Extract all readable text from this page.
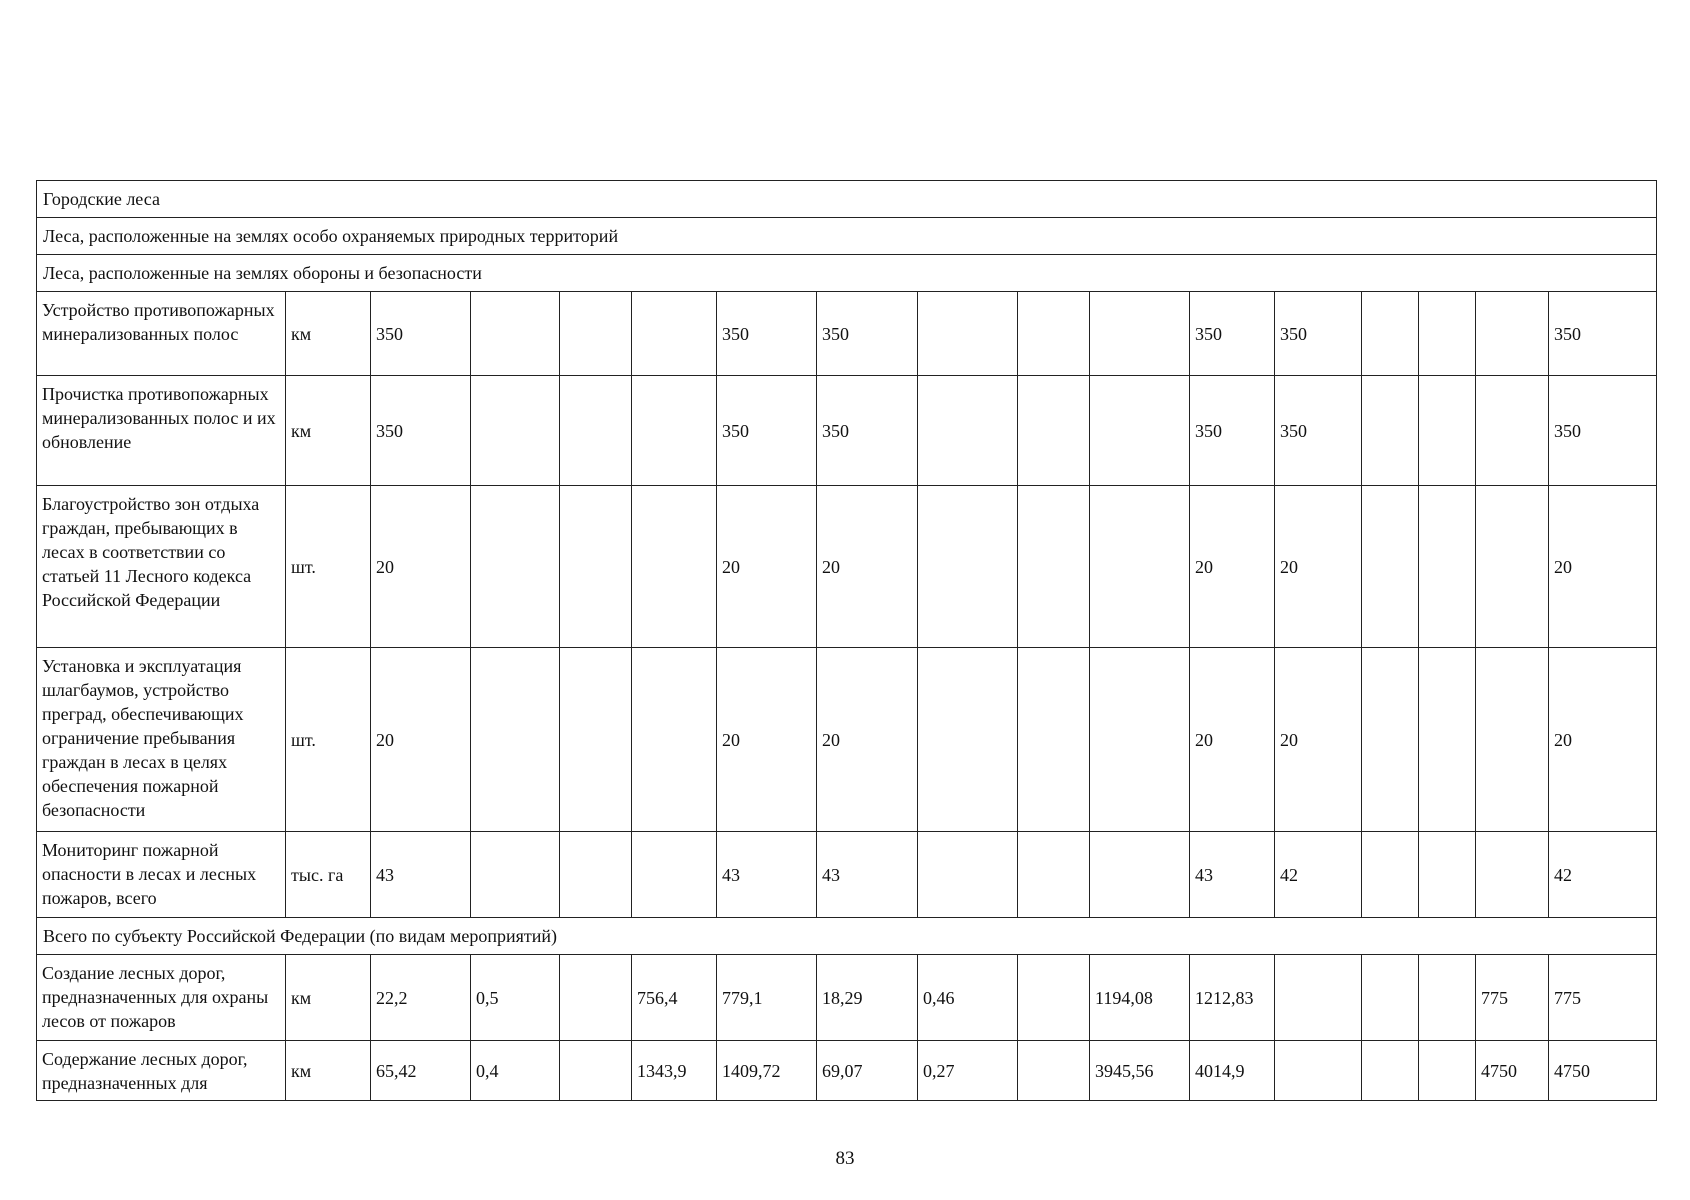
Городские леса																
Леса, расположенные на землях особо охраняемых природных территорий																
Леса, расположенные на землях обороны и безопасности																
Устройство противопожарных минерализованных полос	км	350				350	350				350	350				350
Прочистка противопожарных минерализованных полос и их обновление	км	350				350	350				350	350				350
Благоустройство зон отдыха граждан, пребывающих в лесах в соответствии со статьей 11 Лесного кодекса Российской Федерации	шт.	20				20	20				20	20				20
Установка и эксплуатация шлагбаумов, устройство преград, обеспечивающих ограничение пребывания граждан в лесах в целях обеспечения пожарной безопасности	шт.	20				20	20				20	20				20
Мониторинг пожарной опасности в лесах и лесных пожаров, всего	тыс. га	43				43	43				43	42				42
Всего по субъекту Российской Федерации (по видам мероприятий)																
Создание лесных дорог, предназначенных для охраны лесов от пожаров	км	22,2	0,5		756,4	779,1	18,29	0,46		1194,08	1212,83				775	775
Содержание лесных дорог, предназначенных для	км	65,42	0,4		1343,9	1409,72	69,07	0,27		3945,56	4014,9				4750	4750
83
